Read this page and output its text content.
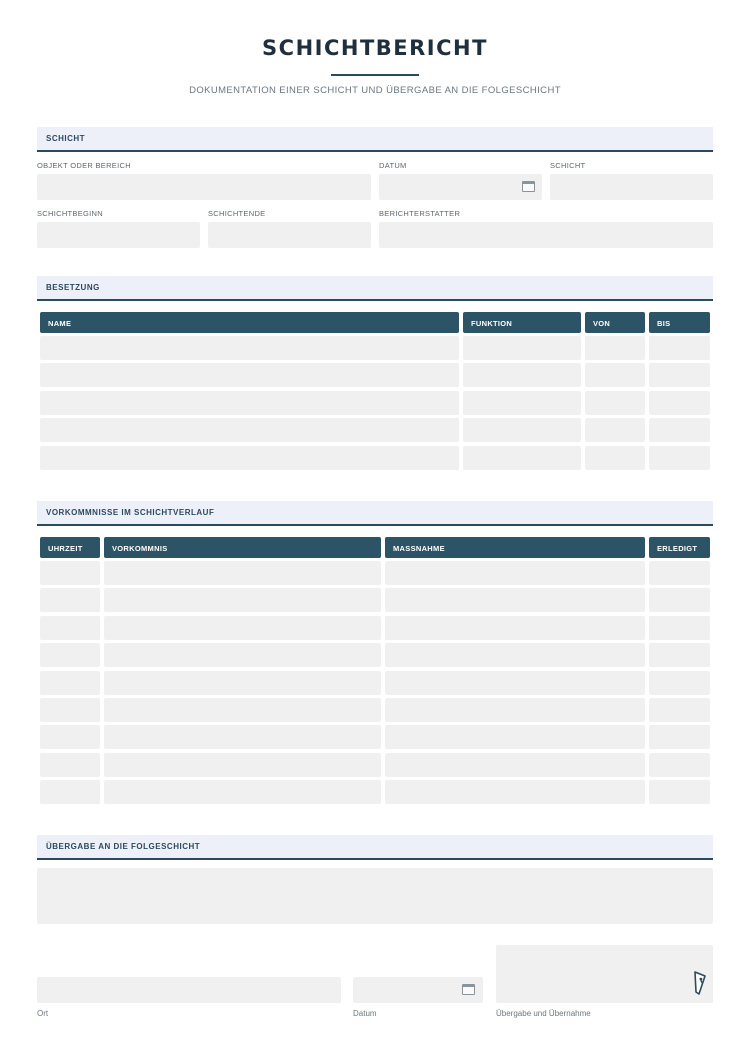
SCHICHTBERICHT
DOKUMENTATION EINER SCHICHT UND ÜBERGABE AN DIE FOLGESCHICHT
SCHICHT
OBJEKT ODER BEREICH	DATUM	SCHICHT
SCHICHTBEGINN	SCHICHTENDE	BERICHTERSTATTER
BESETZUNG
NAME	FUNKTION	VON	BIS
VORKOMMNISSE IM SCHICHTVERLAUF
UHRZEIT	VORKOMMNIS	MASSNAHME	ERLEDIGT
ÜBERGABE AN DIE FOLGESCHICHT
Ort	Datum	Übergabe und Übernahme
